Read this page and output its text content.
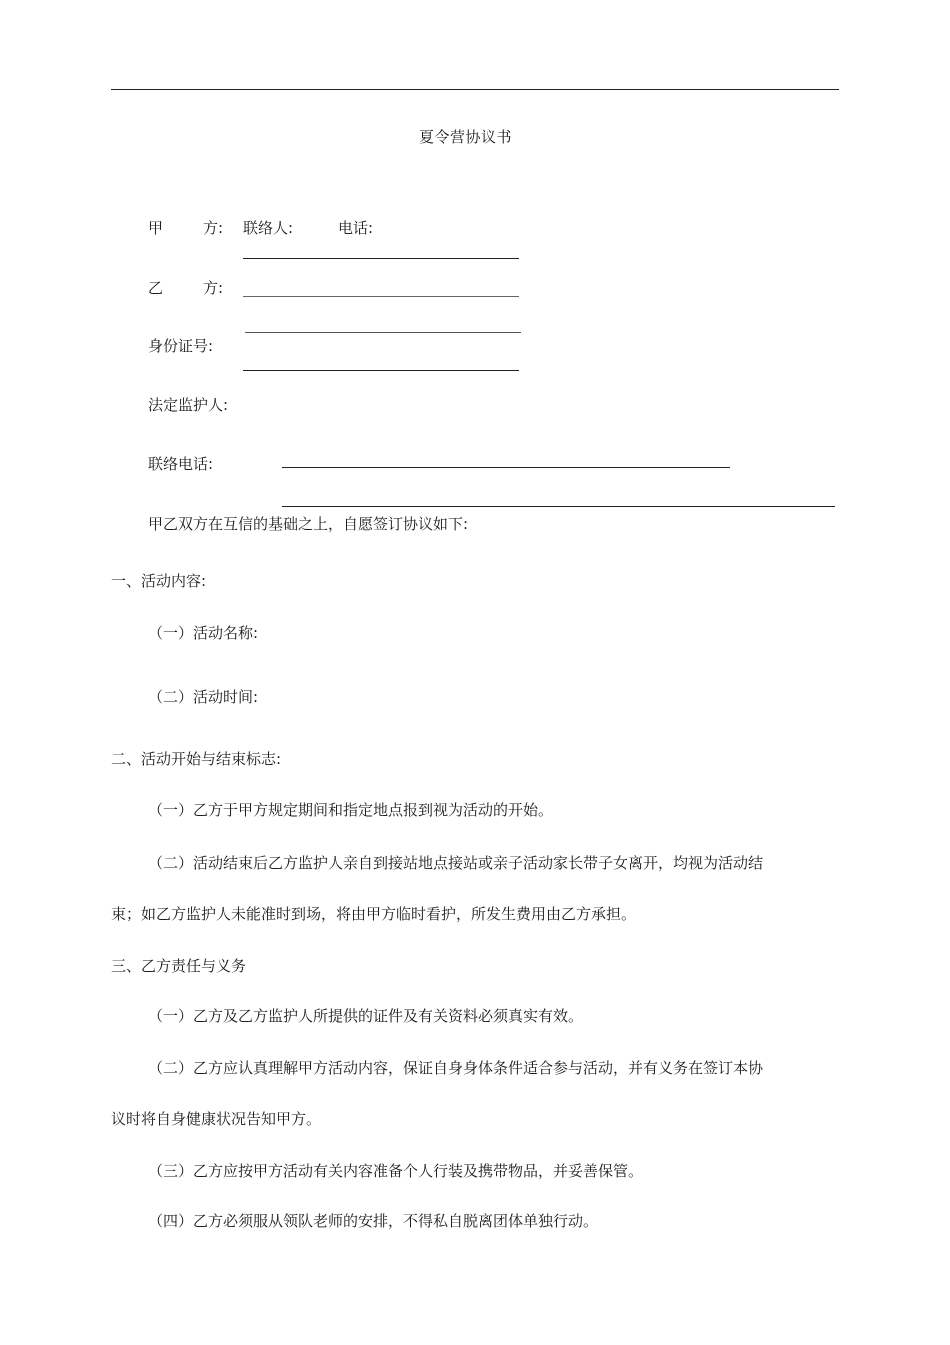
夏令营协议书
甲	方: 联络人:	电话:
乙	方:
身份证号:
法定监护人:
联络电话:
甲乙双方在互信的基础之上，自愿签订协议如下:
一、活动内容:
（一）活动名称:
（二）活动时间:
二、活动开始与结束标志:
（一）乙方于甲方规定期间和指定地点报到视为活动的开始。
（二）活动结束后乙方监护人亲自到接站地点接站或亲子活动家长带子女离开，均视为活动结
束；如乙方监护人未能准时到场，将由甲方临时看护，所发生费用由乙方承担。
三、乙方责任与义务
（一）乙方及乙方监护人所提供的证件及有关资料必须真实有效。
（二）乙方应认真理解甲方活动内容，保证自身身体条件适合参与活动，并有义务在签订本协
议时将自身健康状况告知甲方。
（三）乙方应按甲方活动有关内容准备个人行装及携带物品，并妥善保管。
（四）乙方必须服从领队老师的安排，不得私自脱离团体单独行动。
